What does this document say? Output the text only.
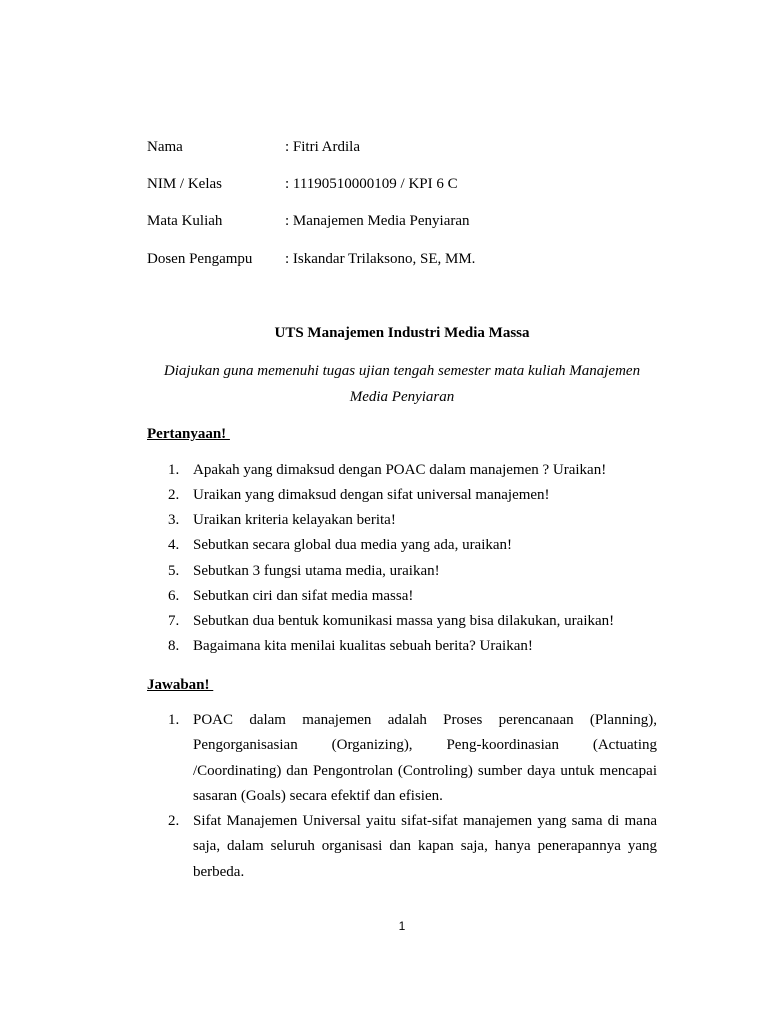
Nama	: Fitri Ardila
NIM / Kelas	: 11190510000109 / KPI 6 C
Mata Kuliah	: Manajemen Media Penyiaran
Dosen Pengampu : Iskandar Trilaksono, SE, MM.
UTS Manajemen Industri Media Massa
Diajukan guna memenuhi tugas ujian tengah semester mata kuliah Manajemen Media Penyiaran
Pertanyaan!
1. Apakah yang dimaksud dengan POAC dalam manajemen ? Uraikan!
2. Uraikan yang dimaksud dengan sifat universal manajemen!
3. Uraikan kriteria kelayakan berita!
4. Sebutkan secara global dua media yang ada, uraikan!
5. Sebutkan 3 fungsi utama media, uraikan!
6. Sebutkan ciri dan sifat media massa!
7. Sebutkan dua bentuk komunikasi massa yang bisa dilakukan, uraikan!
8. Bagaimana kita menilai kualitas sebuah berita? Uraikan!
Jawaban!
1. POAC dalam manajemen adalah Proses perencanaan (Planning), Pengorganisasian (Organizing), Peng-koordinasian (Actuating /Coordinating) dan Pengontrolan (Controling) sumber daya untuk mencapai sasaran (Goals) secara efektif dan efisien.
2. Sifat Manajemen Universal yaitu sifat-sifat manajemen yang sama di mana saja, dalam seluruh organisasi dan kapan saja, hanya penerapannya yang berbeda.
1
